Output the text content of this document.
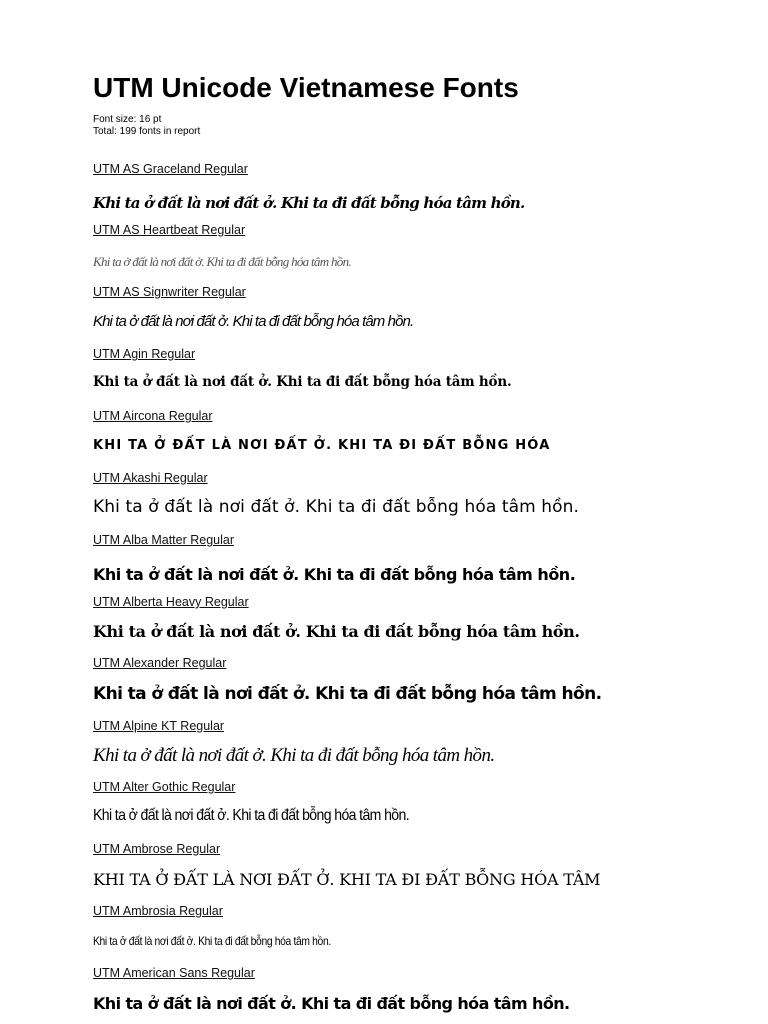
UTM Unicode Vietnamese Fonts
Font size: 16 pt
Total: 199 fonts in report
UTM AS Graceland Regular
Khi ta ở đất là nơi đất ở. Khi ta đi đất bỗng hóa tâm hồn.
UTM AS Heartbeat Regular
Khi ta ở đất là nơi đất ở. Khi ta đi đất bỗng hóa tâm hồn.
UTM AS Signwriter Regular
Khi ta ở đất là nơi đất ở. Khi ta đi đất bỗng hóa tâm hồn.
UTM Agin Regular
Khi ta ở đất là nơi đất ở. Khi ta đi đất bỗng hóa tâm hồn.
UTM Aircona Regular
KHI TA Ở ĐẤT LÀ NƠI ĐẤT Ở. KHI TA ĐI ĐẤT BỖNG HÓA
UTM Akashi Regular
Khi ta ở đất là nơi đất ở. Khi ta đi đất bỗng hóa tâm hồn.
UTM Alba Matter Regular
Khi ta ở đất là nơi đất ở. Khi ta đi đất bỗng hóa tâm hồn.
UTM Alberta Heavy Regular
Khi ta ở đất là nơi đất ở. Khi ta đi đất bỗng hóa tâm hồn.
UTM Alexander Regular
Khi ta ở đất là nơi đất ở. Khi ta đi đất bỗng hóa tâm hồn.
UTM Alpine KT Regular
Khi ta ở đất là nơi đất ở. Khi ta đi đất bỗng hóa tâm hồn.
UTM Alter Gothic Regular
Khi ta ở đất là nơi đất ở. Khi ta đi đất bỗng hóa tâm hồn.
UTM Ambrose Regular
KHI TA Ở ĐẤT LÀ NƠI ĐẤT Ở. KHI TA ĐI ĐẤT BỖNG HÓA TÂM
UTM Ambrosia Regular
Khi ta ở đất là nơi đất ở. Khi ta đi đất bỗng hóa tâm hồn.
UTM American Sans Regular
Khi ta ở đất là nơi đất ở. Khi ta đi đất bỗng hóa tâm hồn.
